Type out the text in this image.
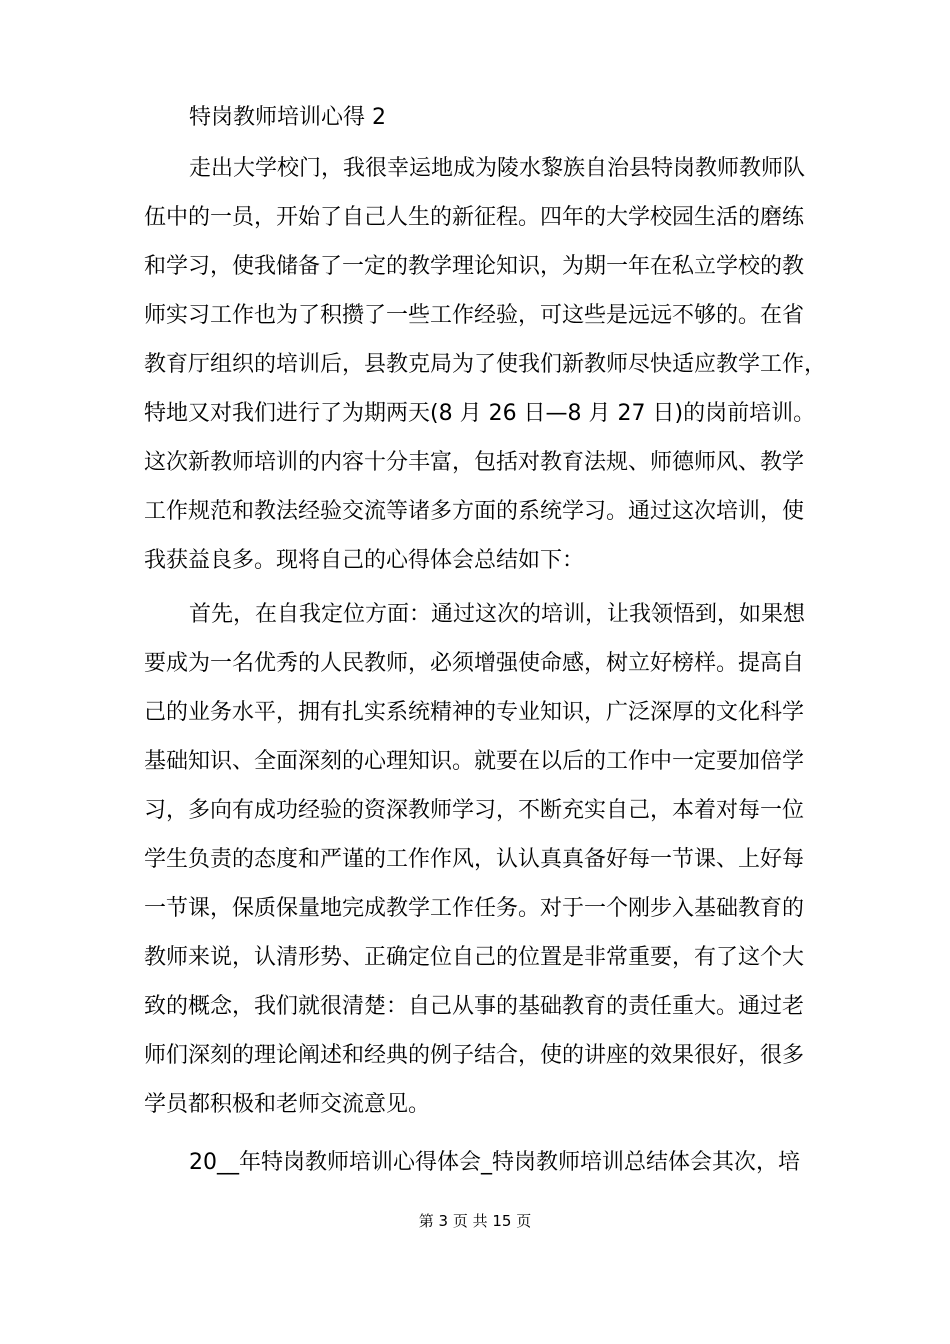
特岗教师培训心得 2
走出大学校门，我很幸运地成为陵水黎族自治县特岗教师教师队
伍中的一员，开始了自己人生的新征程。四年的大学校园生活的磨练
和学习，使我储备了一定的教学理论知识，为期一年在私立学校的教
师实习工作也为了积攒了一些工作经验，可这些是远远不够的。在省
教育厅组织的培训后，县教克局为了使我们新教师尽快适应教学工作，
特地又对我们进行了为期两天(8 月 26 日—8 月 27 日)的岗前培训。
这次新教师培训的内容十分丰富，包括对教育法规、师德师风、教学
工作规范和教法经验交流等诸多方面的系统学习。通过这次培训，使
我获益良多。现将自己的心得体会总结如下：
首先，在自我定位方面：通过这次的培训，让我领悟到，如果想
要成为一名优秀的人民教师，必须增强使命感，树立好榜样。提高自
己的业务水平，拥有扎实系统精神的专业知识，广泛深厚的文化科学
基础知识、全面深刻的心理知识。就要在以后的工作中一定要加倍学
习，多向有成功经验的资深教师学习，不断充实自己，本着对每一位
学生负责的态度和严谨的工作作风，认认真真备好每一节课、上好每
一节课，保质保量地完成教学工作任务。对于一个刚步入基础教育的
教师来说，认清形势、正确定位自己的位置是非常重要，有了这个大
致的概念，我们就很清楚：自己从事的基础教育的责任重大。通过老
师们深刻的理论阐述和经典的例子结合，使的讲座的效果很好，很多
学员都积极和老师交流意见。
20__年特岗教师培训心得体会_特岗教师培训总结体会其次，培
第 3 页 共 15 页
